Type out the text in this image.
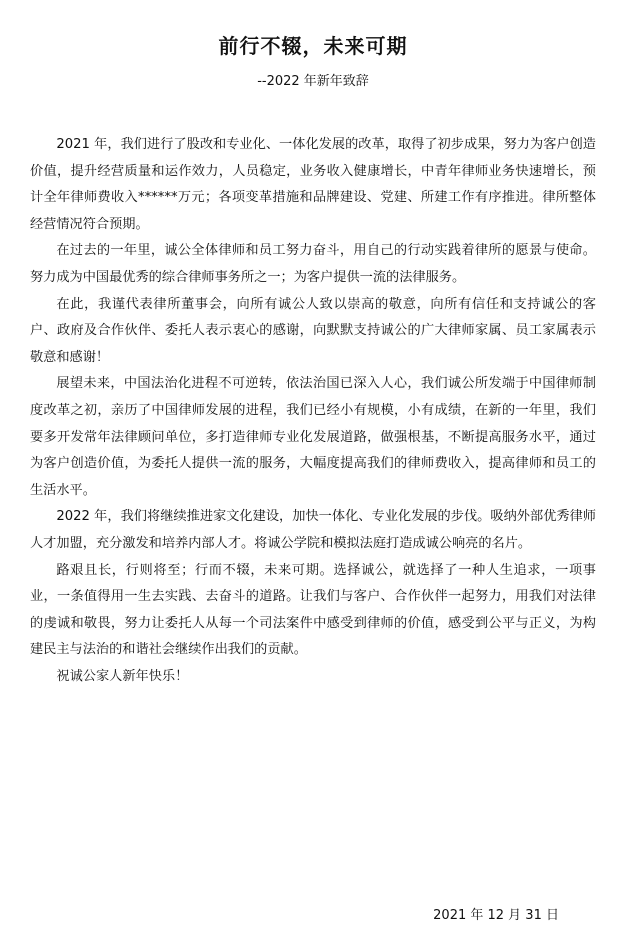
前行不辍，未来可期
--2022 年新年致辞

2021 年，我们进行了股改和专业化、一体化发展的改革，取得了初步成果，努力为客户创造价值，提升经营质量和运作效力，人员稳定，业务收入健康增长，中青年律师业务快速增长，预计全年律师费收入******万元；各项变革措施和品牌建设、党建、所建工作有序推进。律所整体经营情况符合预期。

在过去的一年里，诚公全体律师和员工努力奋斗，用自己的行动实践着律所的愿景与使命。努力成为中国最优秀的综合律师事务所之一；为客户提供一流的法律服务。

在此，我谨代表律所董事会，向所有诚公人致以崇高的敬意，向所有信任和支持诚公的客户、政府及合作伙伴、委托人表示衷心的感谢，向默默支持诚公的广大律师家属、员工家属表示敬意和感谢！

展望未来，中国法治化进程不可逆转，依法治国已深入人心，我们诚公所发端于中国律师制度改革之初，亲历了中国律师发展的进程，我们已经小有规模，小有成绩，在新的一年里，我们要多开发常年法律顾问单位，多打造律师专业化发展道路，做强根基，不断提高服务水平，通过为客户创造价值，为委托人提供一流的服务，大幅度提高我们的律师费收入，提高律师和员工的生活水平。

2022 年，我们将继续推进家文化建设，加快一体化、专业化发展的步伐。吸纳外部优秀律师人才加盟，充分激发和培养内部人才。将诚公学院和模拟法庭打造成诚公响亮的名片。

路艰且长，行则将至；行而不辍，未来可期。选择诚公，就选择了一种人生追求，一项事业，一条值得用一生去实践、去奋斗的道路。让我们与客户、合作伙伴一起努力，用我们对法律的虔诚和敬畏，努力让委托人从每一个司法案件中感受到律师的价值，感受到公平与正义，为构建民主与法治的和谐社会继续作出我们的贡献。

祝诚公家人新年快乐！

2021 年 12 月 31 日
